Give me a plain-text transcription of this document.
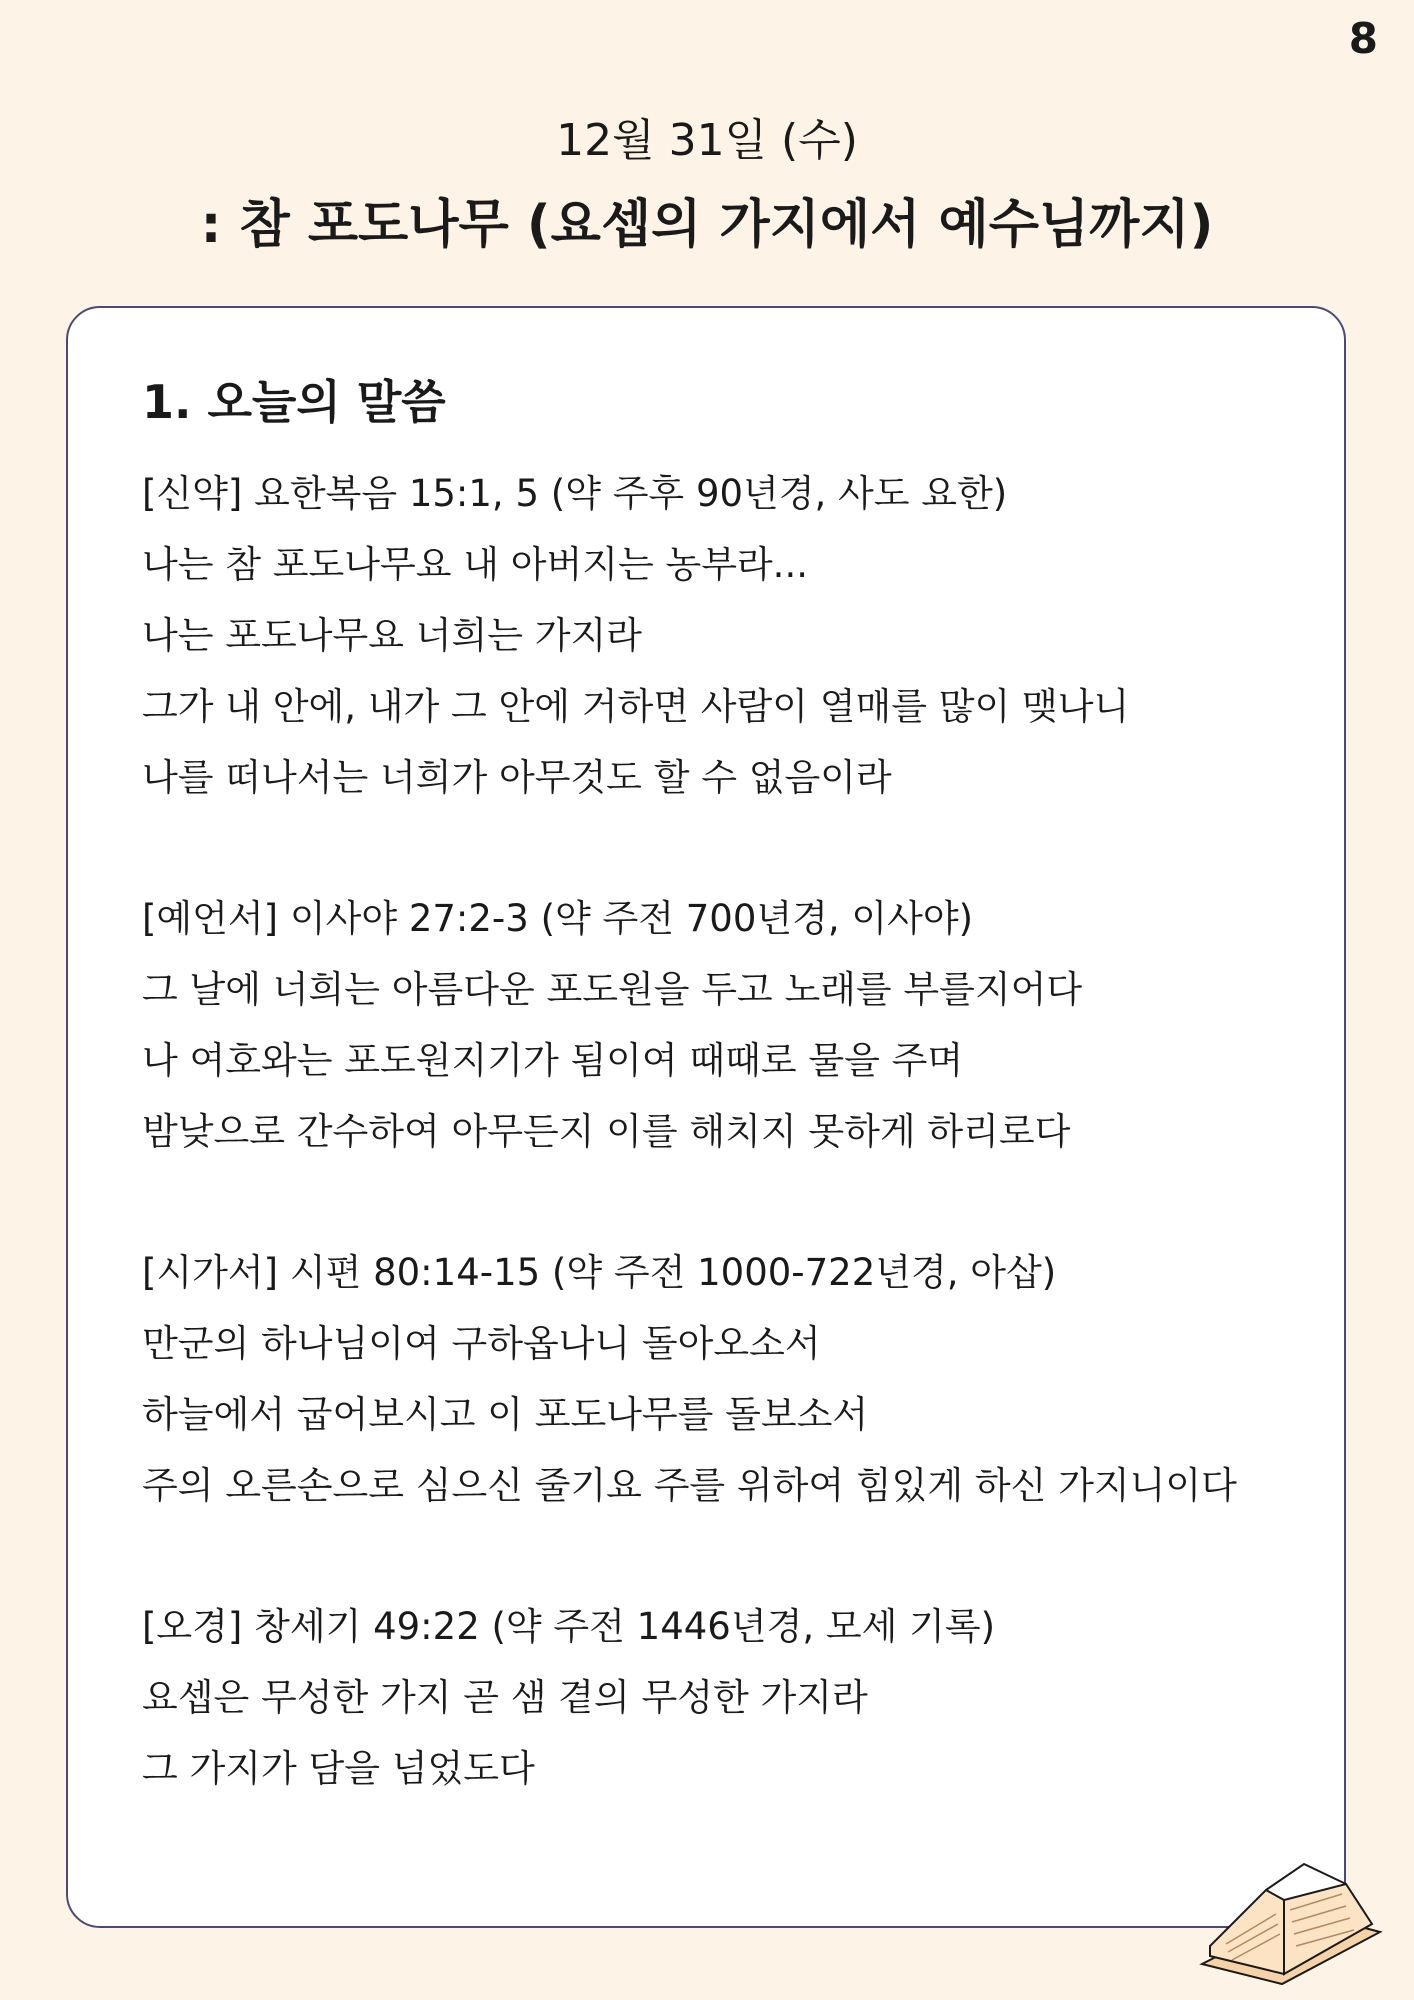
8
12월 31일 (수)
: 참 포도나무 (요셉의 가지에서 예수님까지)
1. 오늘의 말씀
[신약] 요한복음 15:1, 5 (약 주후 90년경, 사도 요한)
나는 참 포도나무요 내 아버지는 농부라...
나는 포도나무요 너희는 가지라
그가 내 안에, 내가 그 안에 거하면 사람이 열매를 많이 맺나니
나를 떠나서는 너희가 아무것도 할 수 없음이라
[예언서] 이사야 27:2-3 (약 주전 700년경, 이사야)
그 날에 너희는 아름다운 포도원을 두고 노래를 부를지어다
나 여호와는 포도원지기가 됨이여 때때로 물을 주며
밤낮으로 간수하여 아무든지 이를 해치지 못하게 하리로다
[시가서] 시편 80:14-15 (약 주전 1000-722년경, 아삽)
만군의 하나님이여 구하옵나니 돌아오소서
하늘에서 굽어보시고 이 포도나무를 돌보소서
주의 오른손으로 심으신 줄기요 주를 위하여 힘있게 하신 가지니이다
[오경] 창세기 49:22 (약 주전 1446년경, 모세 기록)
요셉은 무성한 가지 곧 샘 곁의 무성한 가지라
그 가지가 담을 넘었도다
